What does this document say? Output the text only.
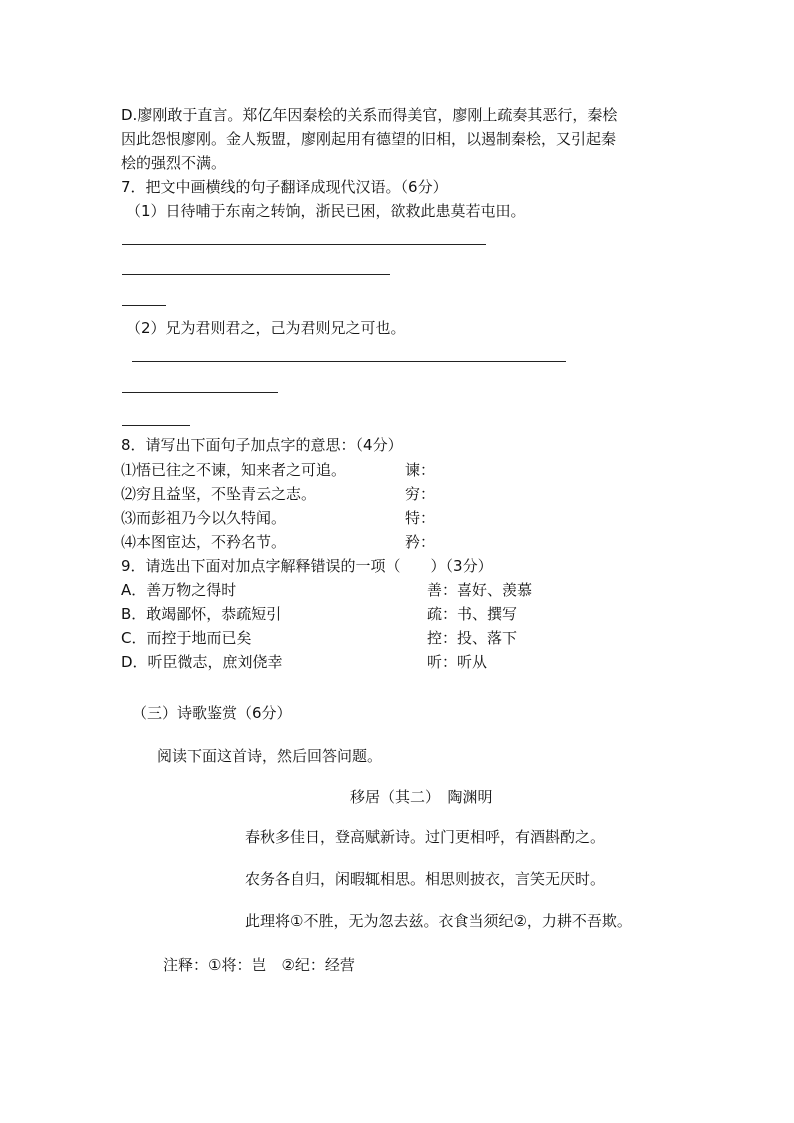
D.廖刚敢于直言。郑亿年因秦桧的关系而得美官，廖刚上疏奏其恶行，秦桧
因此怨恨廖刚。金人叛盟，廖刚起用有德望的旧相，以遏制秦桧，又引起秦
桧的强烈不满。
7．把文中画横线的句子翻译成现代汉语。（6分）
（1）日待哺于东南之转饷，浙民已困，欲救此患莫若屯田。
（2）兄为君则君之，己为君则兄之可也。
8．请写出下面句子加点字的意思：（4分）
⑴悟已往之不谏，知来者之可追。	谏：
⑵穷且益坚，不坠青云之志。	穷：
⑶而彭祖乃今以久特闻。	特：
⑷本图宦达，不矜名节。	矜：
9．请选出下面对加点字解释错误的一项（　　）（3分）
A．善万物之得时	善：喜好、羡慕
B．敢竭鄙怀，恭疏短引	疏：书、撰写
C．而控于地而已矣	控：投、落下
D．听臣微志，庶刘侥幸	听：听从
（三）诗歌鉴赏（6分）
阅读下面这首诗，然后回答问题。
移居（其二）　陶渊明
春秋多佳日，登高赋新诗。过门更相呼，有酒斟酌之。
农务各自归，闲暇辄相思。相思则披衣，言笑无厌时。
此理将①不胜，无为忽去兹。衣食当须纪②，力耕不吾欺。
注释：①将：岂　②纪：经营
